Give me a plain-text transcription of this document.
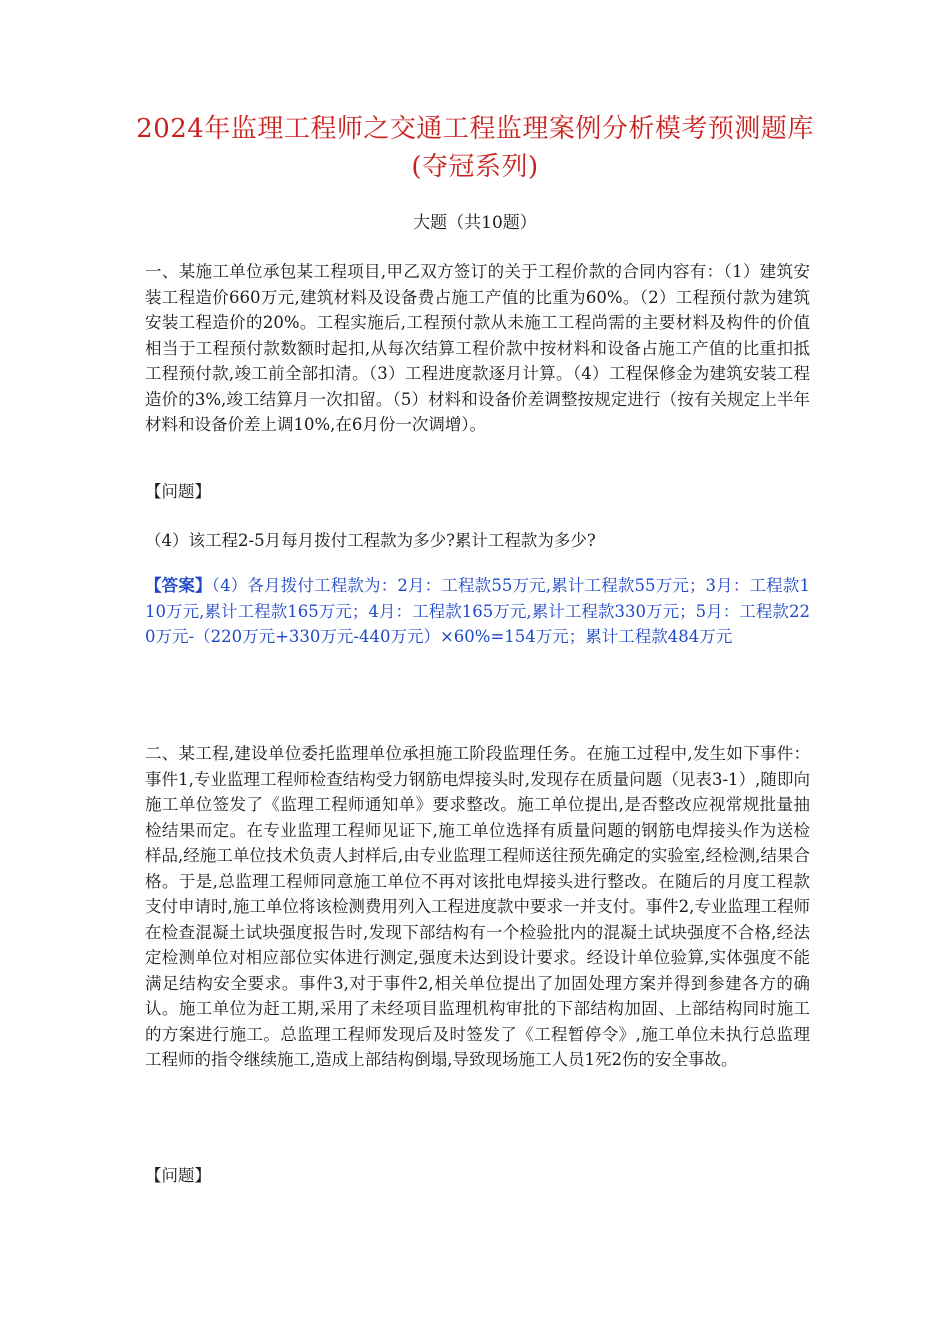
2024年监理工程师之交通工程监理案例分析模考预测题库(夺冠系列)
大题（共10题）
一、某施工单位承包某工程项目,甲乙双方签订的关于工程价款的合同内容有：（1）建筑安装工程造价660万元,建筑材料及设备费占施工产值的比重为60%。（2）工程预付款为建筑安装工程造价的20%。工程实施后,工程预付款从未施工工程尚需的主要材料及构件的价值相当于工程预付款数额时起扣,从每次结算工程价款中按材料和设备占施工产值的比重扣抵工程预付款,竣工前全部扣清。（3）工程进度款逐月计算。（4）工程保修金为建筑安装工程造价的3%,竣工结算月一次扣留。（5）材料和设备价差调整按规定进行（按有关规定上半年材料和设备价差上调10%,在6月份一次调增）。
【问题】
（4）该工程2-5月每月拨付工程款为多少?累计工程款为多少?
【答案】（4）各月拨付工程款为：2月：工程款55万元,累计工程款55万元；3月：工程款110万元,累计工程款165万元；4月：工程款165万元,累计工程款330万元；5月：工程款220万元-（220万元+330万元-440万元）×60%=154万元；累计工程款484万元
二、某工程,建设单位委托监理单位承担施工阶段监理任务。在施工过程中,发生如下事件：事件1,专业监理工程师检查结构受力钢筋电焊接头时,发现存在质量问题（见表3-1）,随即向施工单位签发了《监理工程师通知单》要求整改。施工单位提出,是否整改应视常规批量抽检结果而定。在专业监理工程师见证下,施工单位选择有质量问题的钢筋电焊接头作为送检样品,经施工单位技术负责人封样后,由专业监理工程师送往预先确定的实验室,经检测,结果合格。于是,总监理工程师同意施工单位不再对该批电焊接头进行整改。在随后的月度工程款支付申请时,施工单位将该检测费用列入工程进度款中要求一并支付。事件2,专业监理工程师在检查混凝土试块强度报告时,发现下部结构有一个检验批内的混凝土试块强度不合格,经法定检测单位对相应部位实体进行测定,强度未达到设计要求。经设计单位验算,实体强度不能满足结构安全要求。事件3,对于事件2,相关单位提出了加固处理方案并得到参建各方的确认。施工单位为赶工期,采用了未经项目监理机构审批的下部结构加固、上部结构同时施工的方案进行施工。总监理工程师发现后及时签发了《工程暂停令》,施工单位未执行总监理工程师的指令继续施工,造成上部结构倒塌,导致现场施工人员1死2伤的安全事故。
【问题】
